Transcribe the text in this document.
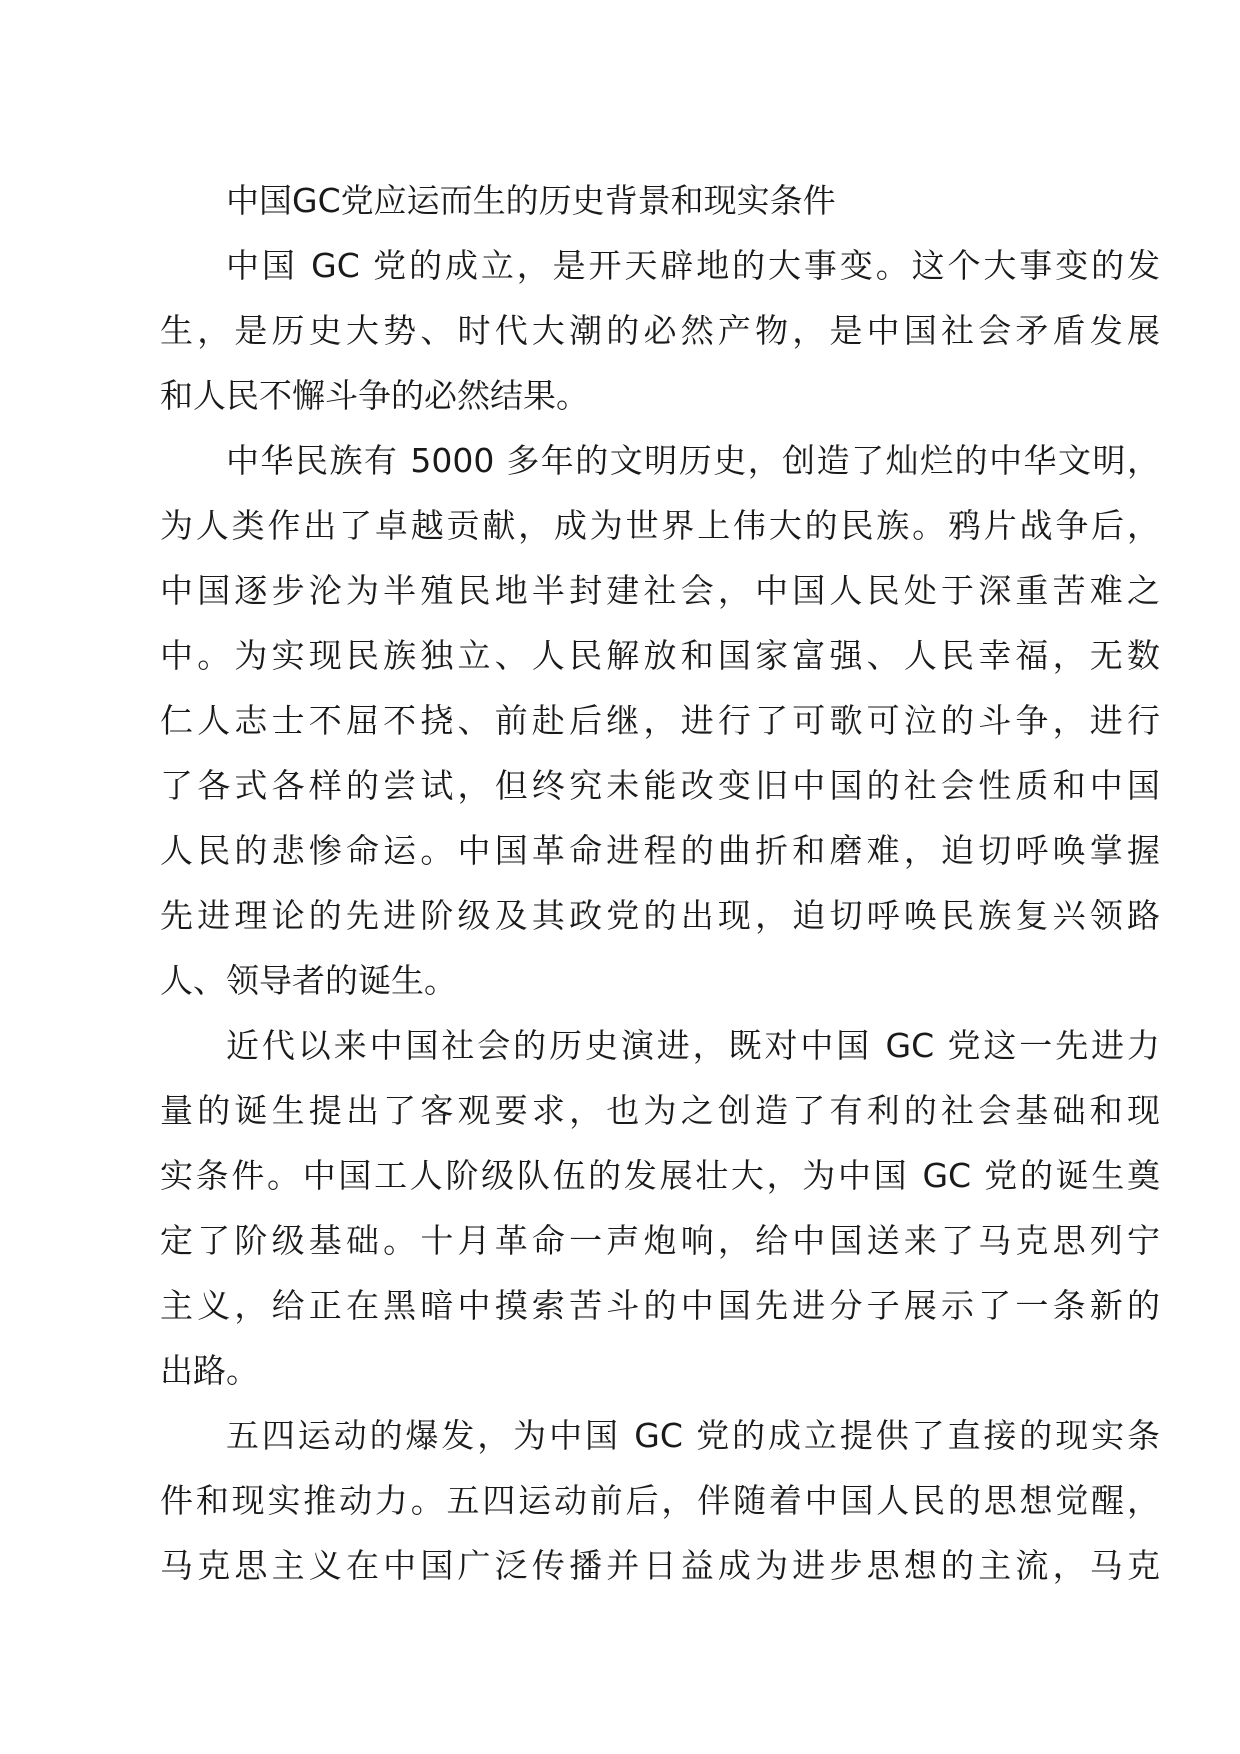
中国GC党应运而生的历史背景和现实条件
中国 GC 党的成立，是开天辟地的大事变。这个大事变的发
生，是历史大势、时代大潮的必然产物，是中国社会矛盾发展
和人民不懈斗争的必然结果。
中华民族有 5000 多年的文明历史，创造了灿烂的中华文明，
为人类作出了卓越贡献，成为世界上伟大的民族。鸦片战争后，
中国逐步沦为半殖民地半封建社会，中国人民处于深重苦难之
中。为实现民族独立、人民解放和国家富强、人民幸福，无数
仁人志士不屈不挠、前赴后继，进行了可歌可泣的斗争，进行
了各式各样的尝试，但终究未能改变旧中国的社会性质和中国
人民的悲惨命运。中国革命进程的曲折和磨难，迫切呼唤掌握
先进理论的先进阶级及其政党的出现，迫切呼唤民族复兴领路
人、领导者的诞生。
近代以来中国社会的历史演进，既对中国 GC 党这一先进力
量的诞生提出了客观要求，也为之创造了有利的社会基础和现
实条件。中国工人阶级队伍的发展壮大，为中国 GC 党的诞生奠
定了阶级基础。十月革命一声炮响，给中国送来了马克思列宁
主义，给正在黑暗中摸索苦斗的中国先进分子展示了一条新的
出路。
五四运动的爆发，为中国 GC 党的成立提供了直接的现实条
件和现实推动力。五四运动前后，伴随着中国人民的思想觉醒，
马克思主义在中国广泛传播并日益成为进步思想的主流，马克
